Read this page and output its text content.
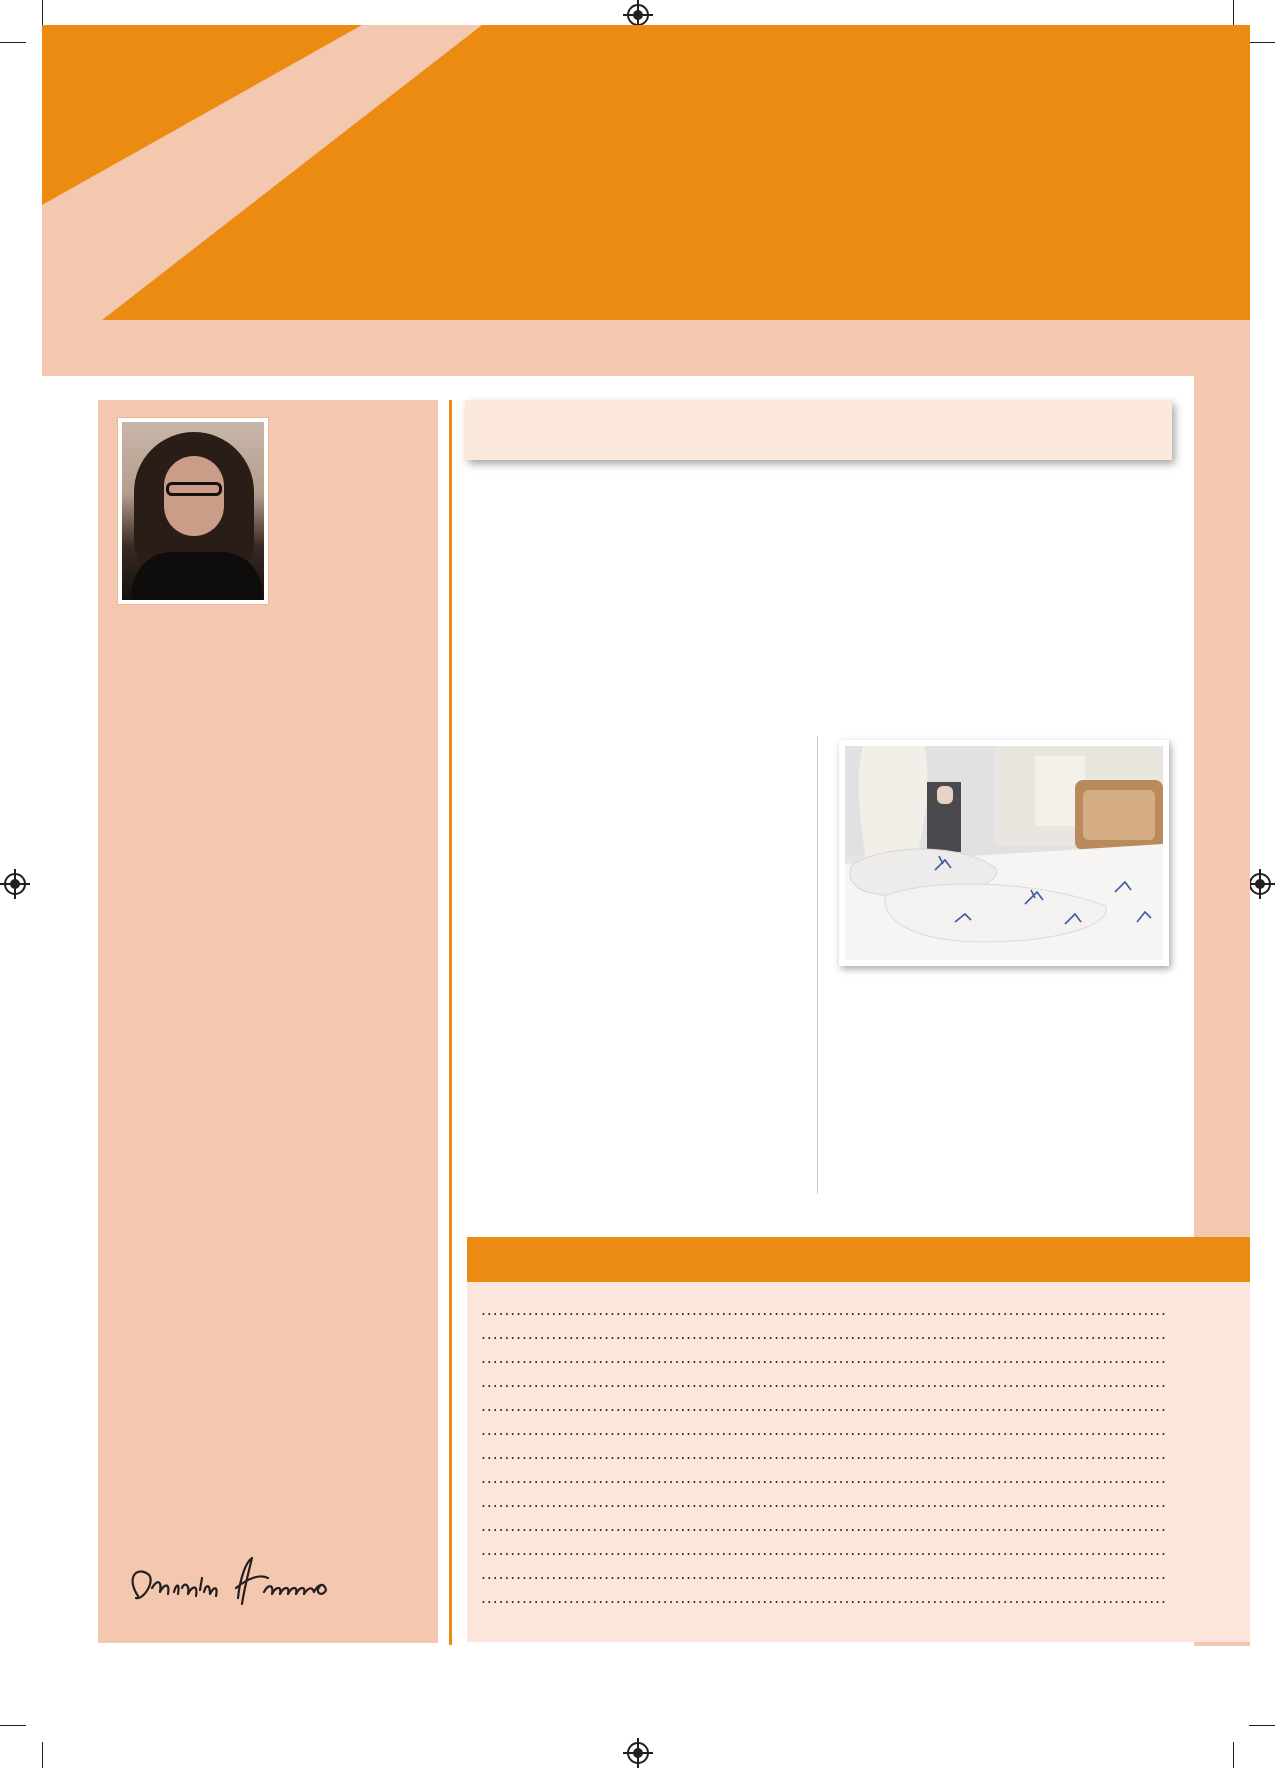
.....
.....
.....
.....
.....
.....
.....
.....
.....
.....
.....
.....
.....
